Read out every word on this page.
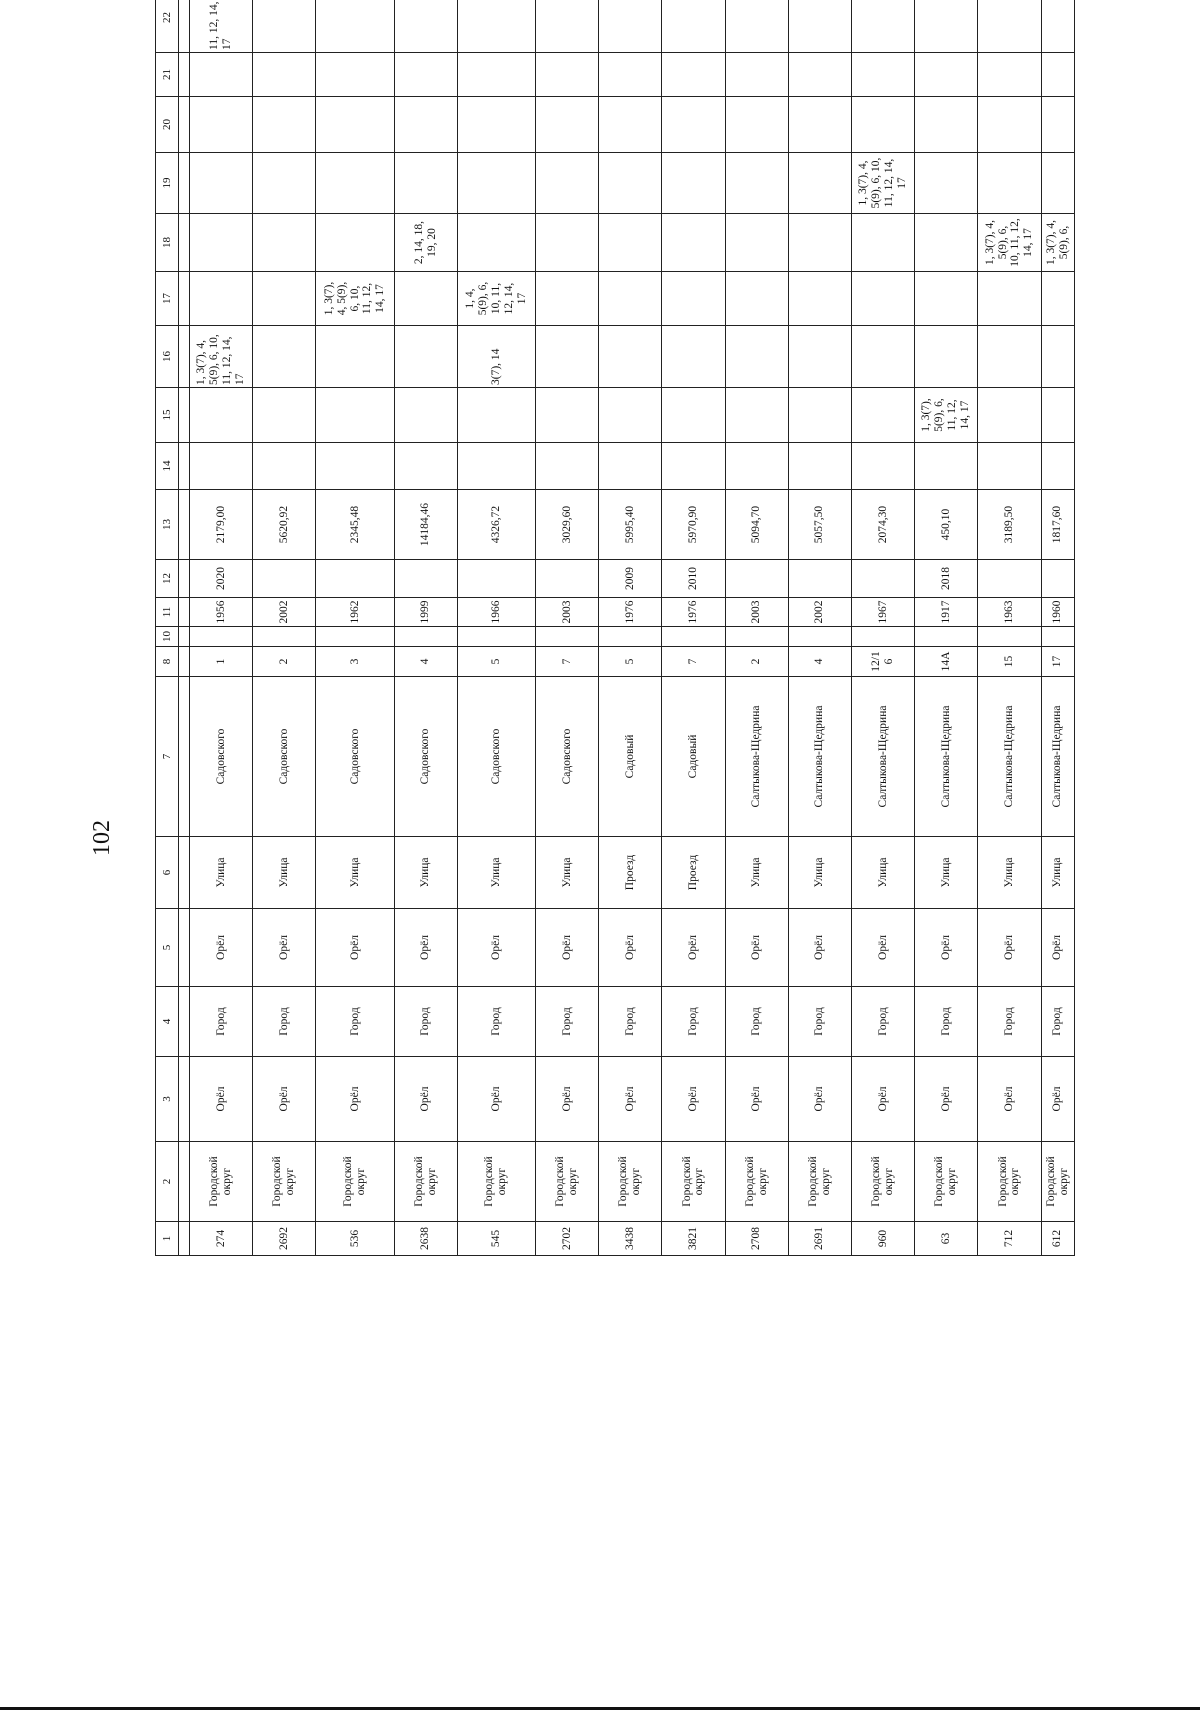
102
1	2	3	4	5	6	7	8	10	11	12	13	14	15	16	17	18	19	20	21	22		

274	Городской округ	Орёл	Город	Орёл	Улица	Садовского	1		1956	2020	2179,00			1, 3(7), 4,
5(9), 6, 10,
11, 12, 14,
17						11, 12, 14,
17		
2692	Городской округ	Орёл	Город	Орёл	Улица	Садовского	2		2002		5620,92											
536	Городской округ	Орёл	Город	Орёл	Улица	Садовского	3		1962		2345,48				1, 3(7),
4, 5(9),
6, 10,
11, 12,
14, 17							
2638	Городской округ	Орёл	Город	Орёл	Улица	Садовского	4		1999		14184,46					2, 14, 18,
19, 20						
545	Городской округ	Орёл	Город	Орёл	Улица	Садовского	5		1966		4326,72			3(7), 14	1, 4,
5(9), 6,
10, 11,
12, 14,
17							
2702	Городской округ	Орёл	Город	Орёл	Улица	Садовского	7		2003		3029,60											
3438	Городской округ	Орёл	Город	Орёл	Проезд	Садовый	5		1976	2009	5995,40											
3821	Городской округ	Орёл	Город	Орёл	Проезд	Садовый	7		1976	2010	5970,90											
2708	Городской округ	Орёл	Город	Орёл	Улица	Салтыкова-Щедрина	2		2003		5094,70											
2691	Городской округ	Орёл	Город	Орёл	Улица	Салтыкова-Щедрина	4		2002		5057,50											
960	Городской округ	Орёл	Город	Орёл	Улица	Салтыкова-Щедрина	12/16		1967		2074,30						1, 3(7), 4,
5(9), 6, 10,
11, 12, 14,
17					
63	Городской округ	Орёл	Город	Орёл	Улица	Салтыкова-Щедрина	14А		1917	2018	450,10		1, 3(7),
5(9), 6,
11, 12,
14, 17									
712	Городской округ	Орёл	Город	Орёл	Улица	Салтыкова-Щедрина	15		1963		3189,50					1, 3(7), 4,
5(9), 6,
10, 11, 12,
14, 17						
612	Городской округ	Орёл	Город	Орёл	Улица	Салтыкова-Щедрина	17		1960		1817,60					1, 3(7), 4,
5(9), 6,						
